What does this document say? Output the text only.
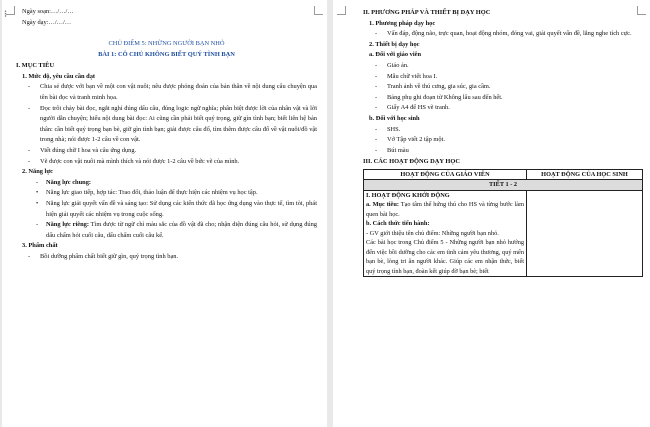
Ngày soạn:…/…/…
Ngày dạy:…/…/…
CHỦ ĐIỂM 5: NHỮNG NGƯỜI BẠN NHỎ
BÀI 1: CÔ CHỦ KHÔNG BIẾT QUÝ TÌNH BẠN
I. MỤC TIÊU
1. Mức độ, yêu cầu cần đạt
- Chia sẻ được với bạn về một con vật nuôi; nêu được phỏng đoán của bản thân về nội dung câu chuyện qua tên bài đọc và tranh minh họa.
- Đọc trôi chảy bài đọc, ngắt nghỉ đúng dấu câu, đúng logic ngữ nghĩa; phân biệt được lời của nhân vật và lời người dẫn chuyện; hiểu nội dung bài đọc: Ai cũng cần phải biết quý trọng, giữ gìn tình bạn; biết liên hệ bản thân: cần biết quý trọng bạn bè, giữ gìn tình bạn; giải được câu đố, tìm thêm được câu đố về vật nuôi/đồ vật trong nhà; nói được 1-2 câu về con vật.
- Viết đúng chữ I hoa và câu ứng dụng.
- Vẽ được con vật nuôi mà mình thích và nói được 1-2 câu về bức vẽ của mình.
2. Năng lực
- Năng lực chung:
• Năng lực giao tiếp, hợp tác: Trao đổi, thảo luận để thực hiện các nhiệm vụ học tập.
• Năng lực giải quyết vấn đề và sáng tạo: Sử dụng các kiến thức đã học ứng dụng vào thực tế, tìm tòi, phát hiện giải quyết các nhiệm vụ trong cuộc sống.
- Năng lực riêng: Tìm được từ ngữ chỉ màu sắc của đồ vật đã cho; nhận diện đúng câu hỏi, sử dụng đúng dấu chấm hỏi cuối câu, dấu chấm cuối câu kể.
3. Phẩm chất
- Bồi dưỡng phẩm chất biết giữ gìn, quý trọng tình bạn.
II. PHƯƠNG PHÁP VÀ THIẾT BỊ DẠY HỌC
1. Phương pháp dạy học
- Vấn đáp, động não, trực quan, hoạt động nhóm, đóng vai, giải quyết vấn đề, lắng nghe tích cực.
2. Thiết bị dạy học
a. Đối với giáo viên
- Giáo án.
- Mẫu chữ viết hoa I.
- Tranh ảnh về thú cưng, gia súc, gia cầm.
- Bảng phụ ghi đoạn từ Không lâu sau đến hết.
- Giấy A4 để HS vẽ tranh.
b. Đối với học sinh
- SHS.
- Vở Tập viết 2 tập một.
- Bút màu
III. CÁC HOẠT ĐỘNG DẠY HỌC
HOẠT ĐỘNG CỦA GIÁO VIÊN	HOẠT ĐỘNG CỦA HỌC SINH
TIẾT 1 - 2	

I. HOẠT ĐỘNG KHỞI ĐỘNG

a. Mục tiêu: Tạo tâm thế hứng thú cho HS và từng bước làm quen bài học.

b. Cách thức tiến hành:

- GV giới thiệu tên chủ điểm: Những người bạn nhỏ.

Các bài học trong Chủ điểm 5 - Những người bạn nhỏ hướng đến việc bồi dưỡng cho các em tình cảm yêu thương, quý mến bạn bè, lòng tri ân người khác. Giúp các em nhận thức, biết quý trọng tình bạn, đoàn kết giúp đỡ bạn bè; biết	
